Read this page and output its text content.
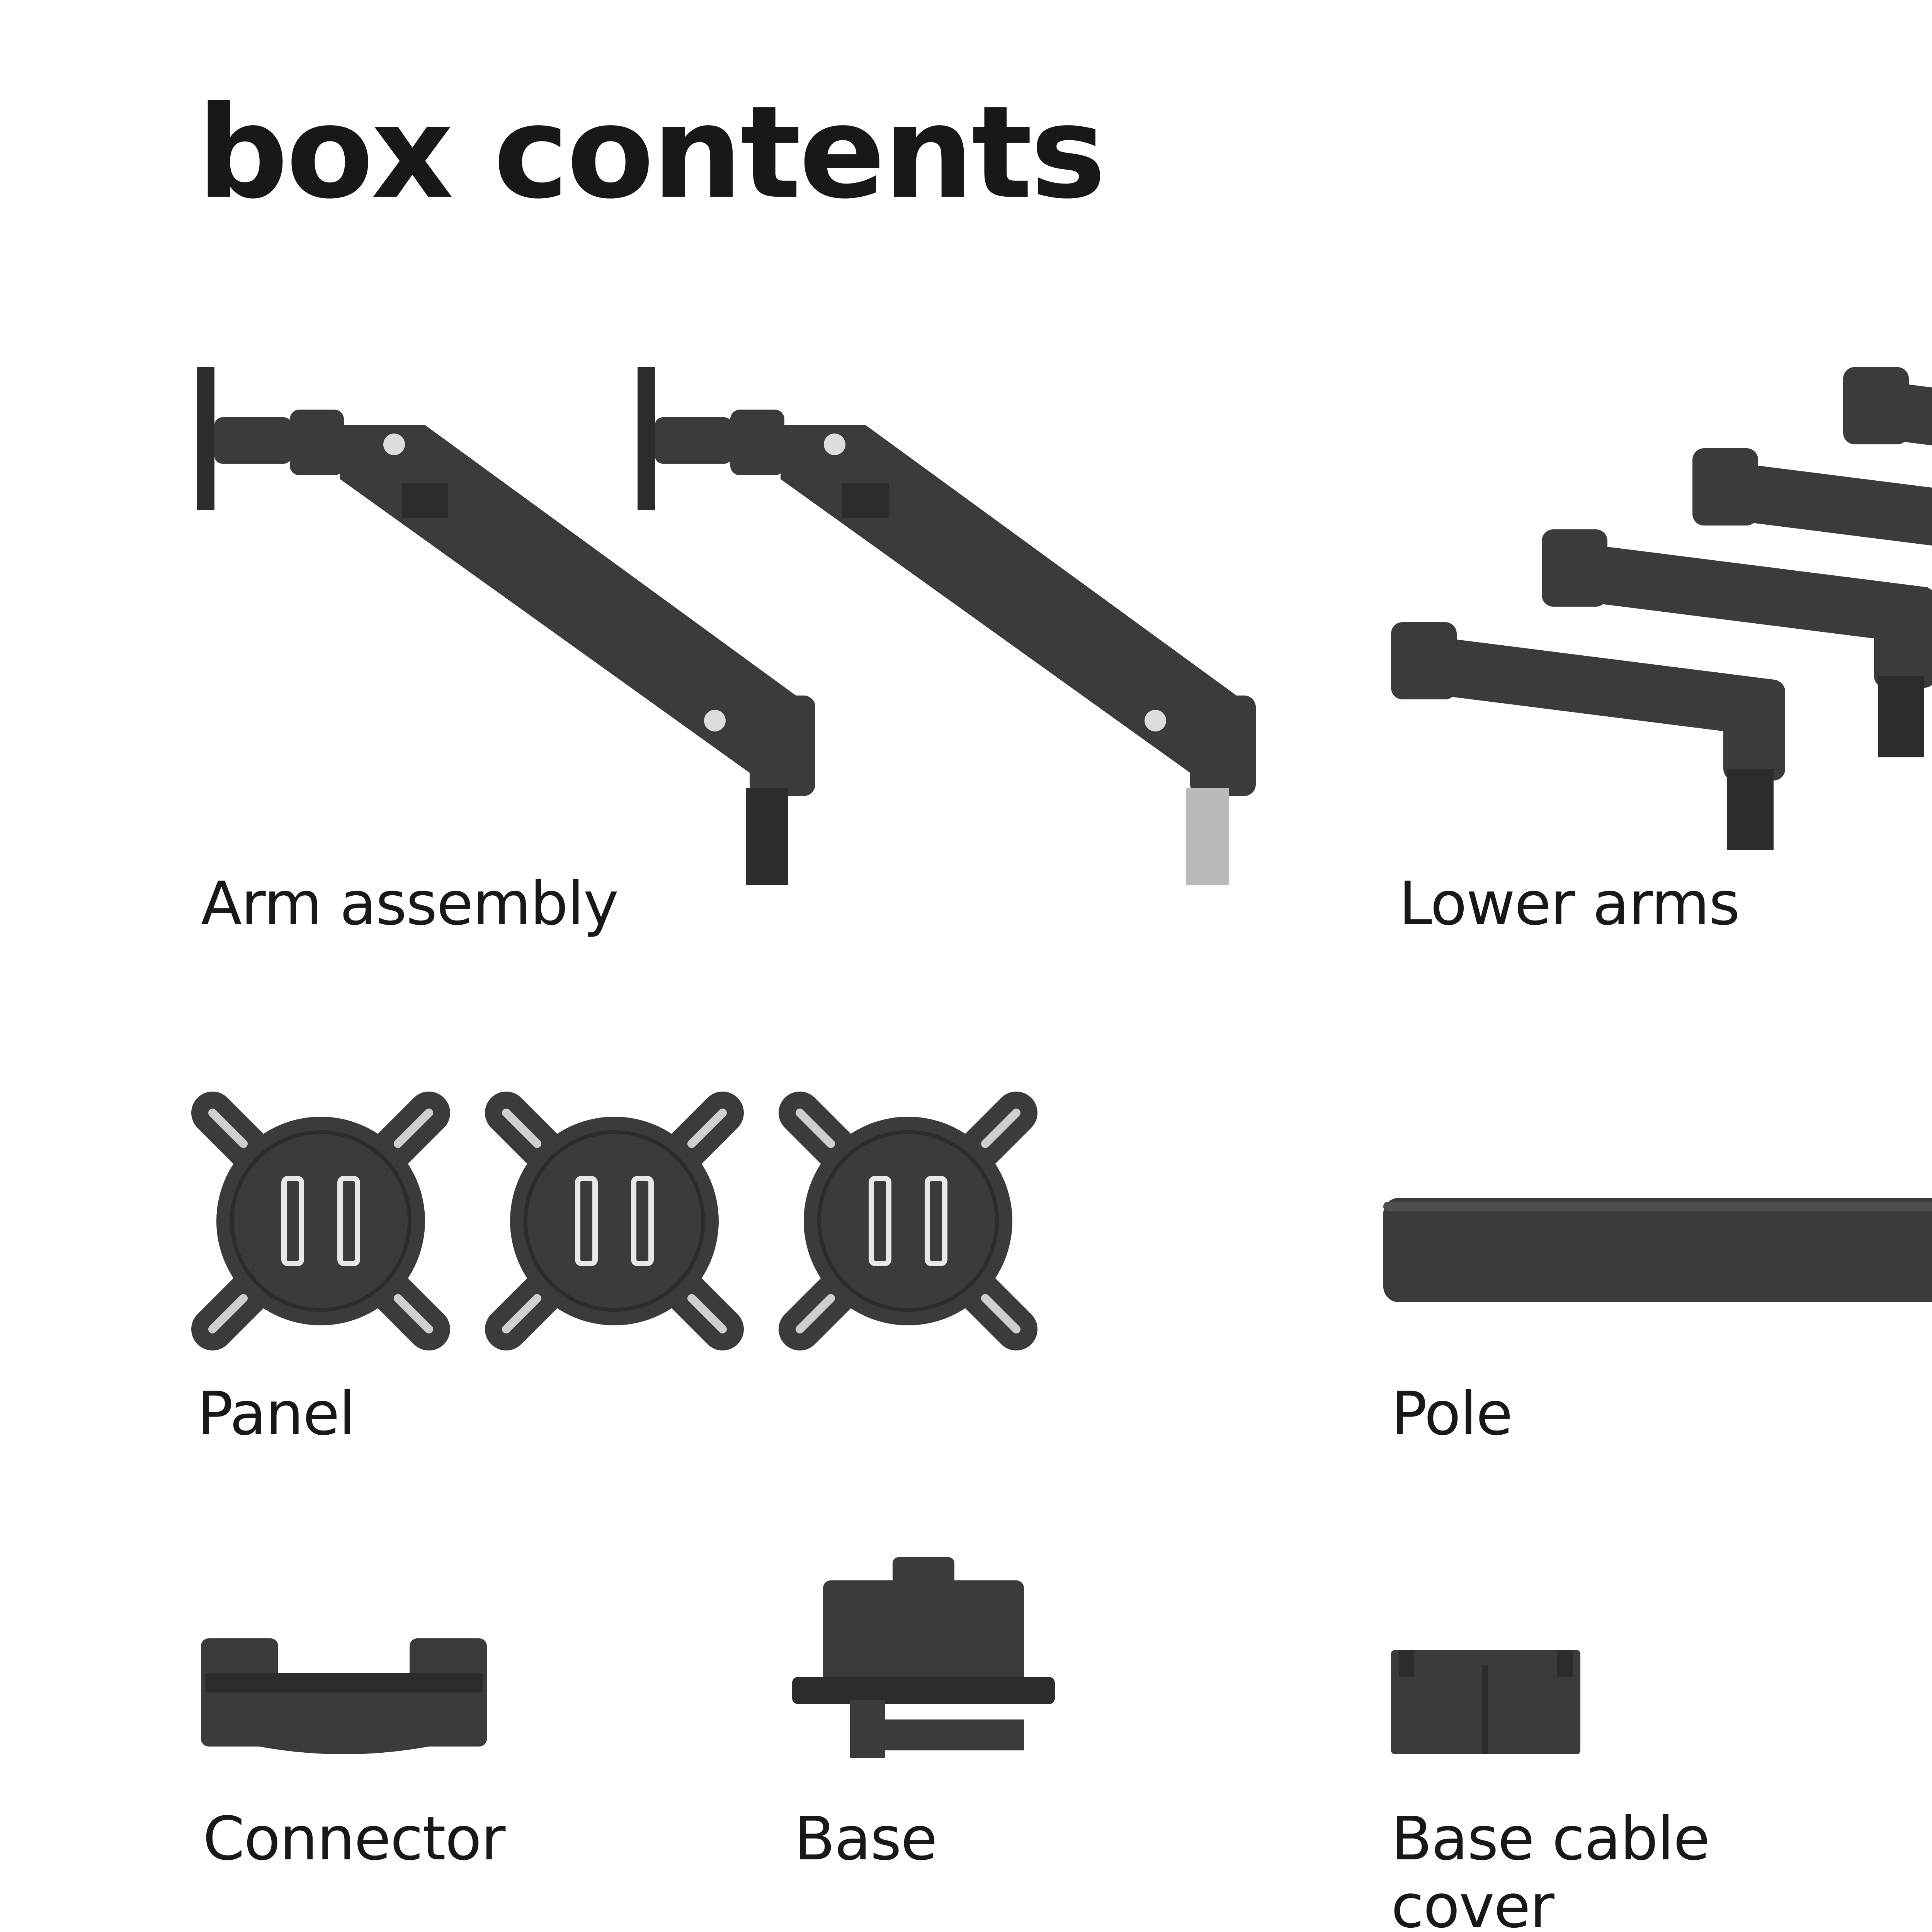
box contents
Arm assembly	Lower arms
Panel	Pole
Connector	Base	Base cable
cover
